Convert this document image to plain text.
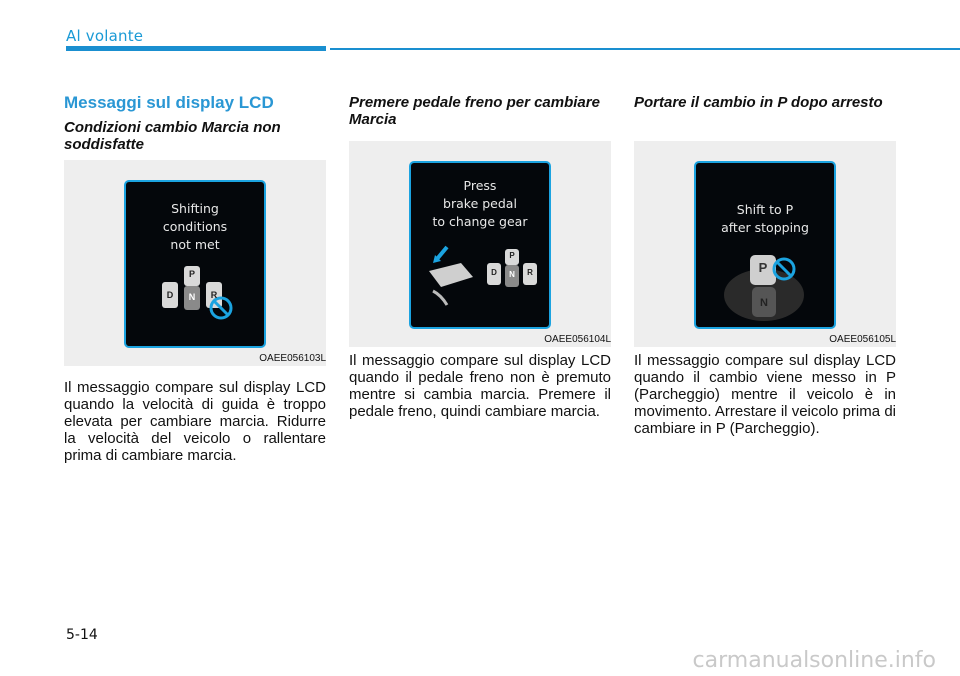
Al volante
Messaggi sul display LCD
Condizioni cambio Marcia non soddisfatte
Shifting
conditions
not met
P
D	N	R
OAEE056103L
Il messaggio compare sul display LCD quando la velocità di guida è troppo elevata per cambiare marcia. Ridurre la velocità del veicolo o rallentare prima di cambiare marcia.
Premere pedale freno per cambiare Marcia
Press
brake pedal
to change gear
P
D	N	R
OAEE056104L
Il messaggio compare sul display LCD quando il pedale freno non è premuto mentre si cambia marcia. Premere il pedale freno, quindi cambiare marcia.
Portare il cambio in P dopo arresto
Shift to P
after stopping
P
N
OAEE056105L
Il messaggio compare sul display LCD quando il cambio viene messo in P (Parcheggio) mentre il veicolo è in movimento. Arrestare il veicolo prima di cambiare in P (Parcheggio).
5-14
carmanualsonline.info
